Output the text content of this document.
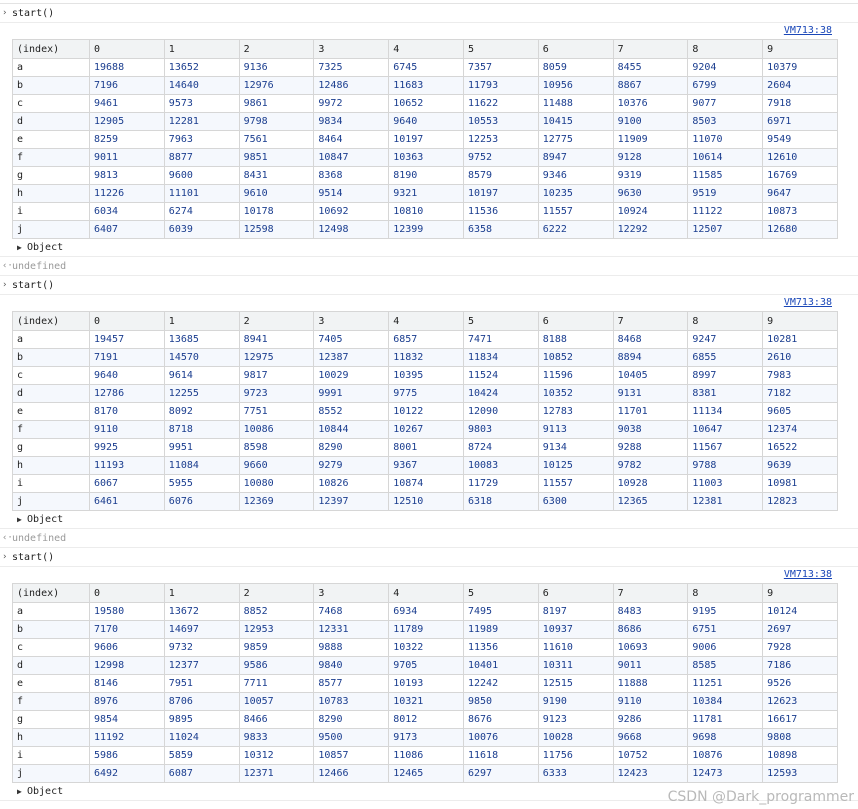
› start()
VM713:38
(index)	0	1	2	3	4	5	6	7	8	9
a	19688	13652	9136	7325	6745	7357	8059	8455	9204	10379
b	7196	14640	12976	12486	11683	11793	10956	8867	6799	2604
c	9461	9573	9861	9972	10652	11622	11488	10376	9077	7918
d	12905	12281	9798	9834	9640	10553	10415	9100	8503	6971
e	8259	7963	7561	8464	10197	12253	12775	11909	11070	9549
f	9011	8877	9851	10847	10363	9752	8947	9128	10614	12610
g	9813	9600	8431	8368	8190	8579	9346	9319	11585	16769
h	11226	11101	9610	9514	9321	10197	10235	9630	9519	9647
i	6034	6274	10178	10692	10810	11536	11557	10924	11122	10873
j	6407	6039	12598	12498	12399	6358	6222	12292	12507	12680
▶ Object
‹· undefined
› start()
VM713:38
(index)	0	1	2	3	4	5	6	7	8	9
a	19457	13685	8941	7405	6857	7471	8188	8468	9247	10281
b	7191	14570	12975	12387	11832	11834	10852	8894	6855	2610
c	9640	9614	9817	10029	10395	11524	11596	10405	8997	7983
d	12786	12255	9723	9991	9775	10424	10352	9131	8381	7182
e	8170	8092	7751	8552	10122	12090	12783	11701	11134	9605
f	9110	8718	10086	10844	10267	9803	9113	9038	10647	12374
g	9925	9951	8598	8290	8001	8724	9134	9288	11567	16522
h	11193	11084	9660	9279	9367	10083	10125	9782	9788	9639
i	6067	5955	10080	10826	10874	11729	11557	10928	11003	10981
j	6461	6076	12369	12397	12510	6318	6300	12365	12381	12823
▶ Object
‹· undefined
› start()
VM713:38
(index)	0	1	2	3	4	5	6	7	8	9
a	19580	13672	8852	7468	6934	7495	8197	8483	9195	10124
b	7170	14697	12953	12331	11789	11989	10937	8686	6751	2697
c	9606	9732	9859	9888	10322	11356	11610	10693	9006	7928
d	12998	12377	9586	9840	9705	10401	10311	9011	8585	7186
e	8146	7951	7711	8577	10193	12242	12515	11888	11251	9526
f	8976	8706	10057	10783	10321	9850	9190	9110	10384	12623
g	9854	9895	8466	8290	8012	8676	9123	9286	11781	16617
h	11192	11024	9833	9500	9173	10076	10028	9668	9698	9808
i	5986	5859	10312	10857	11086	11618	11756	10752	10876	10898
j	6492	6087	12371	12466	12465	6297	6333	12423	12473	12593
▶ Object	CSDN @Dark_programmer
